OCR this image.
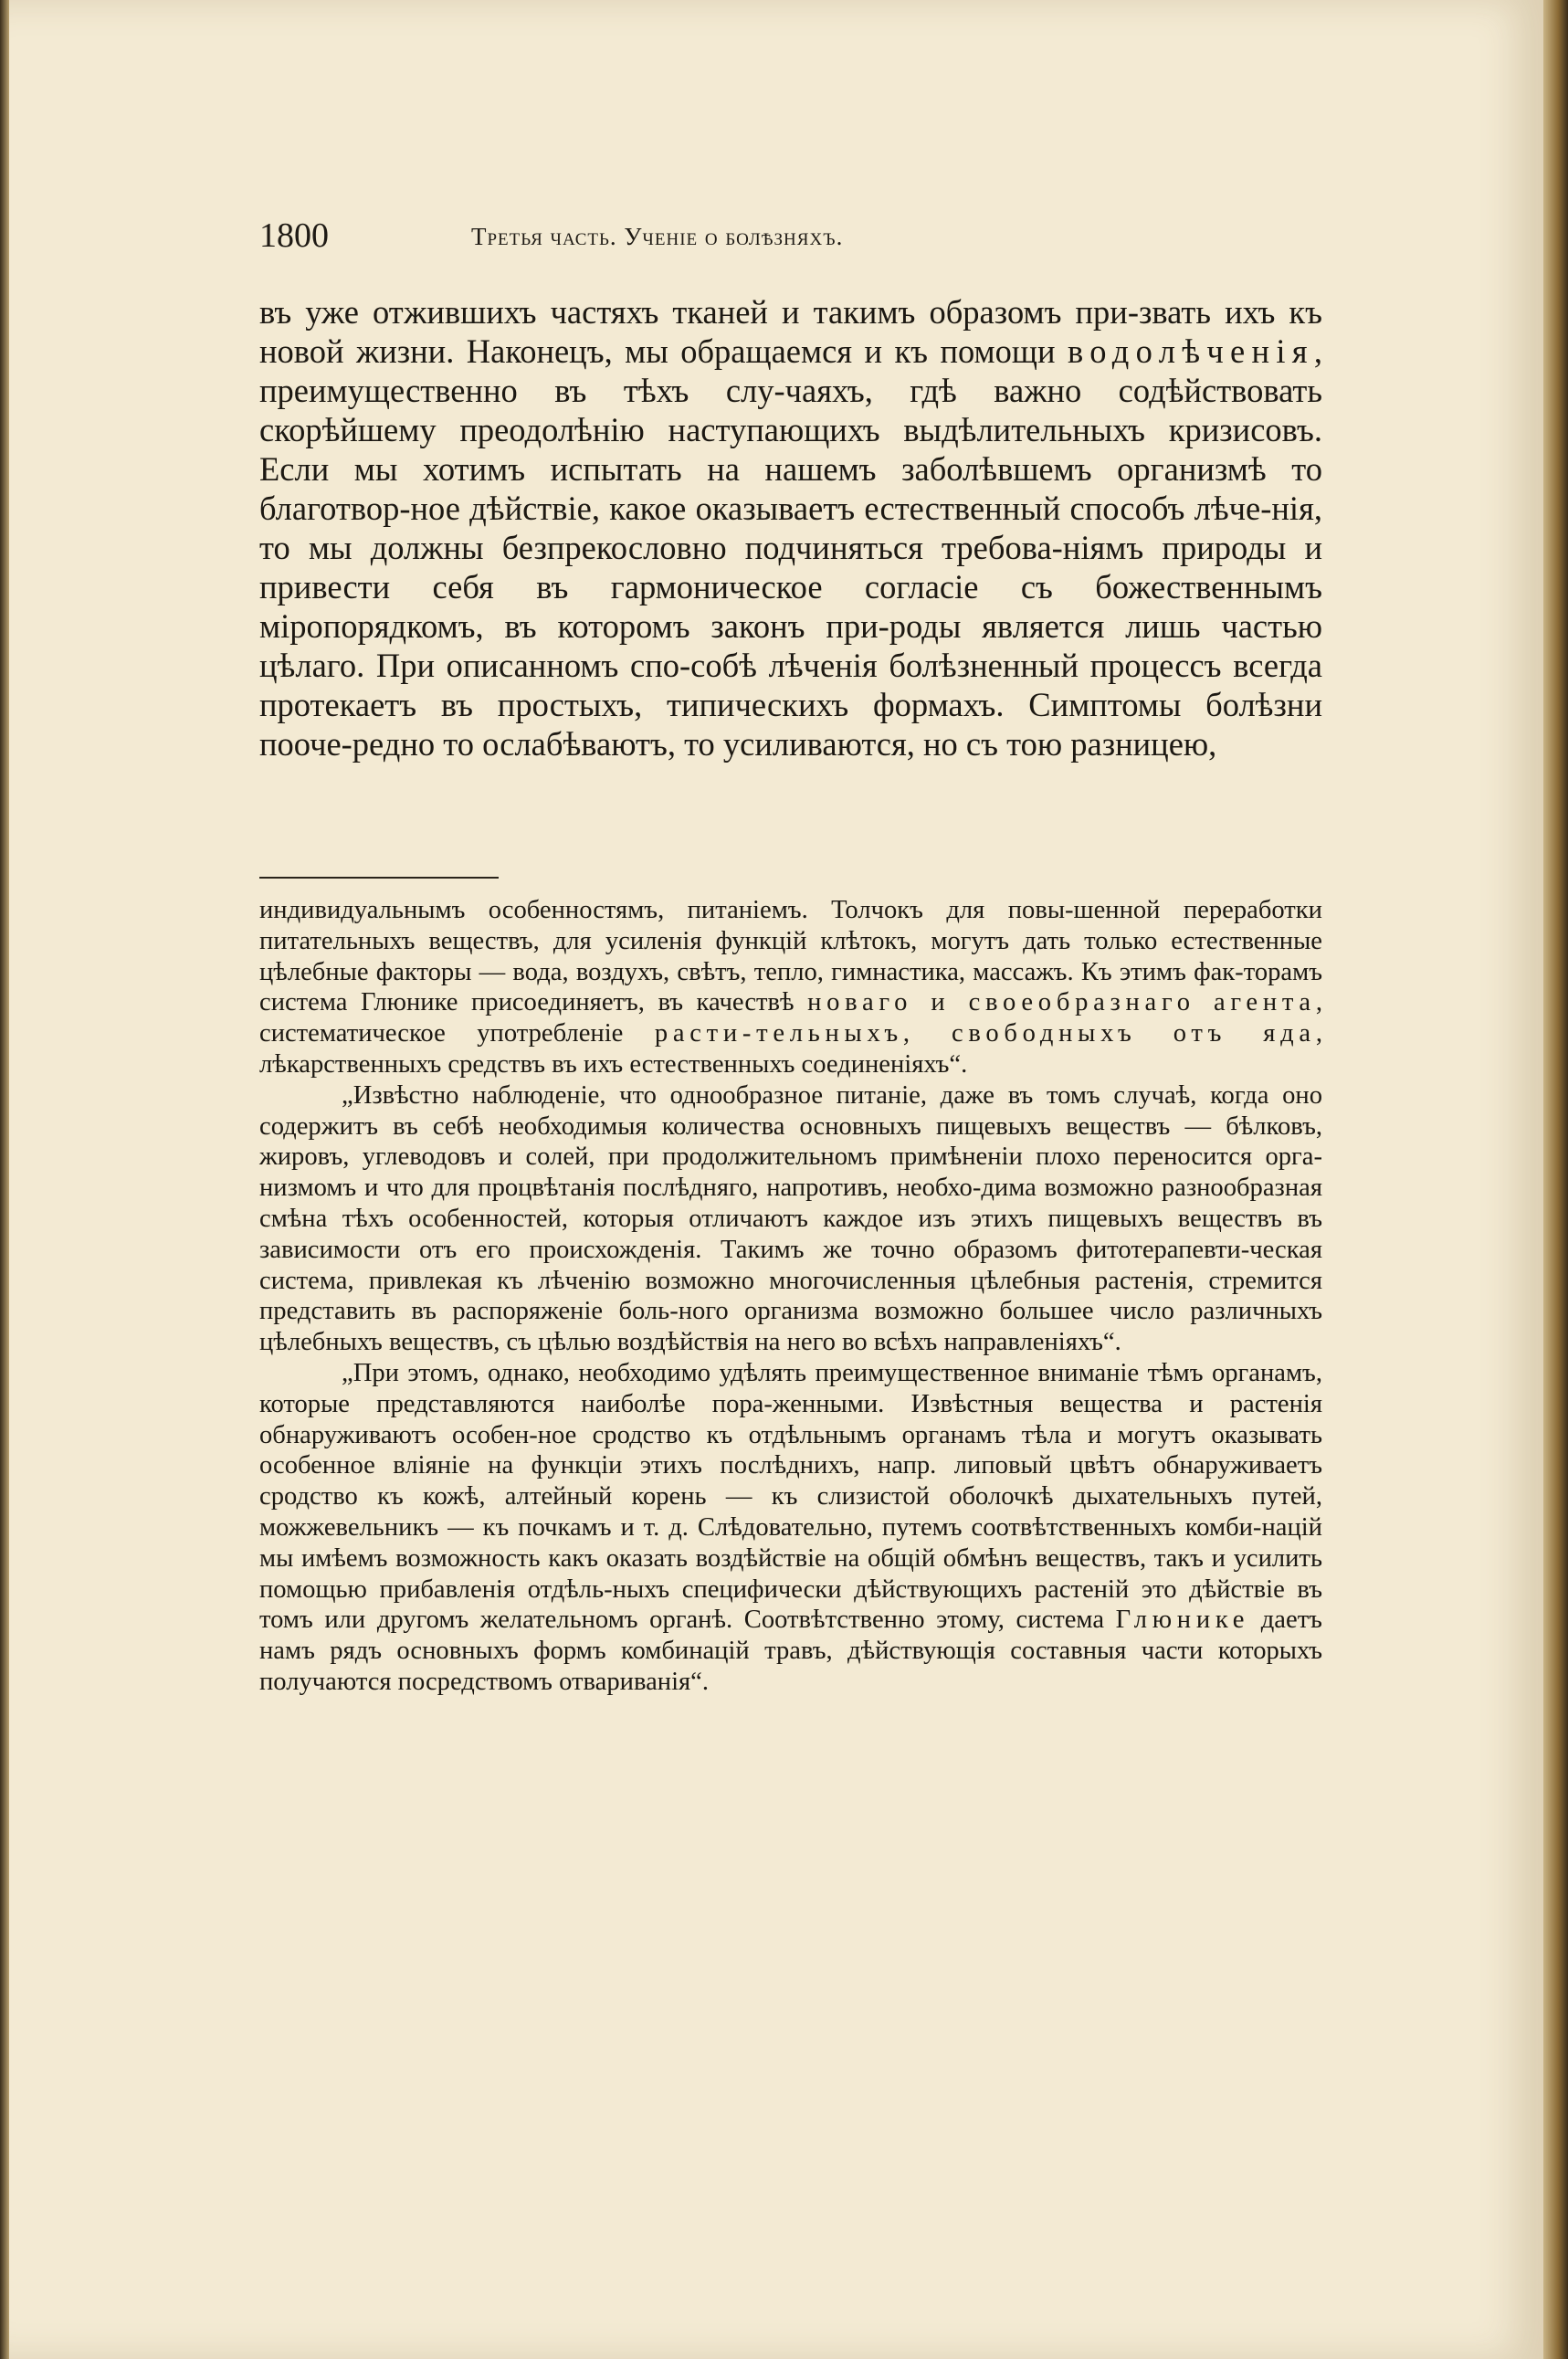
1800	Третья часть. Ученіе о болѣзняхъ.

въ уже отжившихъ частяхъ тканей и такимъ образомъ при-звать ихъ къ новой жизни. Наконецъ, мы обращаемся и къ помощи водолѣченія, преимущественно въ тѣхъ слу-чаяхъ, гдѣ важно содѣйствовать скорѣйшему преодолѣнію наступающихъ выдѣлительныхъ кризисовъ. Если мы хотимъ испытать на нашемъ заболѣвшемъ организмѣ то благотвор-ное дѣйствіе, какое оказываетъ естественный способъ лѣче-нія, то мы должны безпрекословно подчиняться требова-ніямъ природы и привести себя въ гармоническое согласіе съ божественнымъ міропорядкомъ, въ которомъ законъ при-роды является лишь частью цѣлаго. При описанномъ спо-собѣ лѣченія болѣзненный процессъ всегда протекаетъ въ простыхъ, типическихъ формахъ. Симптомы болѣзни пооче-редно то ослабѣваютъ, то усиливаются, но съ тою разницею,

индивидуальнымъ особенностямъ, питаніемъ. Толчокъ для повы-шенной переработки питательныхъ веществъ, для усиленія функцій клѣтокъ, могутъ дать только естественные цѣлебные факторы — вода, воздухъ, свѣтъ, тепло, гимнастика, массажъ. Къ этимъ фак-торамъ система Глюнике присоединяетъ, въ качествѣ новаго и своеобразнаго агента, систематическое употребленіе расти-тельныхъ, свободныхъ отъ яда, лѣкарственныхъ средствъ въ ихъ естественныхъ соединеніяхъ“.

„Извѣстно наблюденіе, что однообразное питаніе, даже въ томъ случаѣ, когда оно содержитъ въ себѣ необходимыя количества основныхъ пищевыхъ веществъ — бѣлковъ, жировъ, углеводовъ и солей, при продолжительномъ примѣненіи плохо переносится орга-низмомъ и что для процвѣтанія послѣдняго, напротивъ, необхо-дима возможно разнообразная смѣна тѣхъ особенностей, которыя отличаютъ каждое изъ этихъ пищевыхъ веществъ въ зависимости отъ его происхожденія. Такимъ же точно образомъ фитотерапевти-ческая система, привлекая къ лѣченію возможно многочисленныя цѣлебныя растенія, стремится представить въ распоряженіе боль-ного организма возможно большее число различныхъ цѣлебныхъ веществъ, съ цѣлью воздѣйствія на него во всѣхъ направленіяхъ“.

„При этомъ, однако, необходимо удѣлять преимущественное вниманіе тѣмъ органамъ, которые представляются наиболѣе пора-женными. Извѣстныя вещества и растенія обнаруживаютъ особен-ное сродство къ отдѣльнымъ органамъ тѣла и могутъ оказывать особенное вліяніе на функціи этихъ послѣднихъ, напр. липовый цвѣтъ обнаруживаетъ сродство къ кожѣ, алтейный корень — къ слизистой оболочкѣ дыхательныхъ путей, можжевельникъ — къ почкамъ и т. д. Слѣдовательно, путемъ соотвѣтственныхъ комби-націй мы имѣемъ возможность какъ оказать воздѣйствіе на общій обмѣнъ веществъ, такъ и усилить помощью прибавленія отдѣль-ныхъ специфически дѣйствующихъ растеній это дѣйствіе въ томъ или другомъ желательномъ органѣ. Соотвѣтственно этому, система Глюнике даетъ намъ рядъ основныхъ формъ комбинацій травъ, дѣйствующія составныя части которыхъ получаются посредствомъ отвариванія“.
